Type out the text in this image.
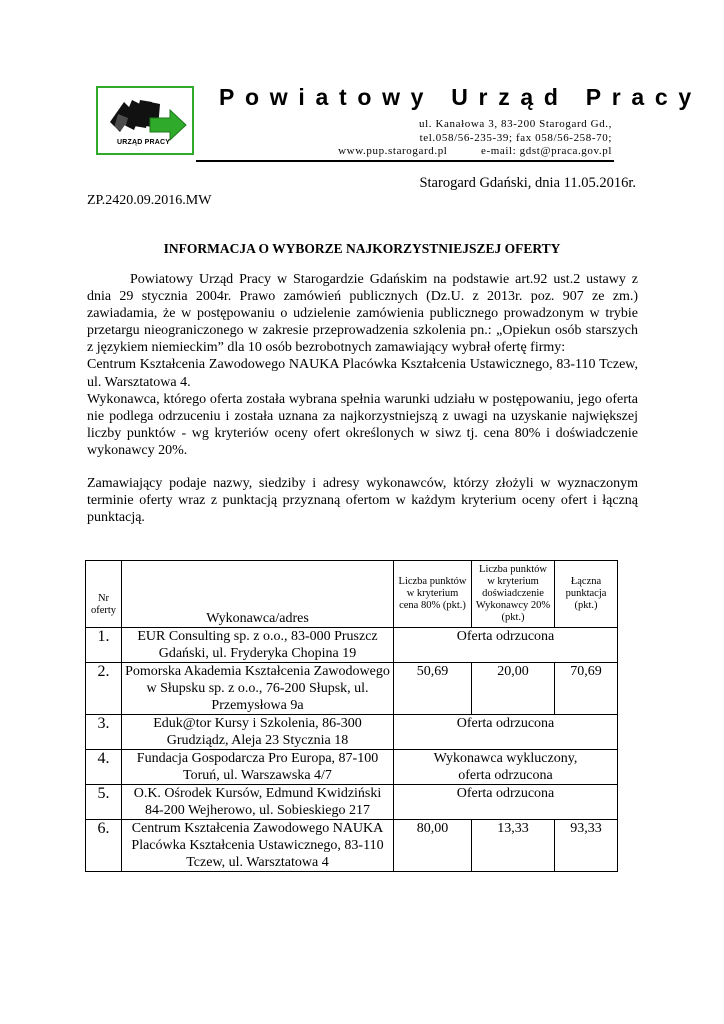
URZĄD PRACY
Powiatowy Urząd Pracy
ul. Kanałowa 3, 83-200 Starogard Gd.,
tel.058/56-235-39; fax 058/56-258-70;
www.pup.starogard.pl	e-mail: gdst@praca.gov.pl
Starogard Gdański, dnia 11.05.2016r.
ZP.2420.09.2016.MW
INFORMACJA O WYBORZE NAJKORZYSTNIEJSZEJ OFERTY

Powiatowy Urząd Pracy w Starogardzie Gdańskim na podstawie art.92 ust.2 ustawy z dnia 29 stycznia 2004r. Prawo zamówień publicznych (Dz.U. z 2013r. poz. 907 ze zm.) zawiadamia, że w postępowaniu o udzielenie zamówienia publicznego prowadzonym w trybie przetargu nieograniczonego w zakresie przeprowadzenia szkolenia pn.: „Opiekun osób starszych z językiem niemieckim” dla 10 osób bezrobotnych zamawiający wybrał ofertę firmy:

Centrum Kształcenia Zawodowego NAUKA Placówka Kształcenia Ustawicznego, 83-110 Tczew, ul. Warsztatowa 4.

Wykonawca, którego oferta została wybrana spełnia warunki udziału w postępowaniu, jego oferta nie podlega odrzuceniu i została uznana za najkorzystniejszą z uwagi na uzyskanie największej liczby punktów - wg kryteriów oceny ofert określonych w siwz tj. cena 80% i doświadczenie wykonawcy 20%.

Zamawiający podaje nazwy, siedziby i adresy wykonawców, którzy złożyli w wyznaczonym terminie oferty wraz z punktacją przyznaną ofertom w każdym kryterium oceny ofert i łączną punktacją.

Nr oferty	Wykonawca/adres	Liczba punktów w kryterium cena 80% (pkt.)	Liczba punktów w kryterium doświadczenie Wykonawcy 20% (pkt.)	Łączna punktacja (pkt.)
1.	EUR Consulting sp. z o.o., 83-000 Pruszcz Gdański, ul. Fryderyka Chopina 19	Oferta odrzucona		
2.	Pomorska Akademia Kształcenia Zawodowego w Słupsku sp. z o.o., 76-200 Słupsk, ul. Przemysłowa 9a	50,69	20,00	70,69
3.	Eduk@tor Kursy i Szkolenia, 86-300 Grudziądz, Aleja 23 Stycznia 18	Oferta odrzucona		
4.	Fundacja Gospodarcza Pro Europa, 87-100 Toruń, ul. Warszawska 4/7	Wykonawca wykluczony, oferta odrzucona		
5.	O.K. Ośrodek Kursów, Edmund Kwidziński 84-200 Wejherowo, ul. Sobieskiego 217	Oferta odrzucona		
6.	Centrum Kształcenia Zawodowego NAUKA Placówka Kształcenia Ustawicznego, 83-110 Tczew, ul. Warsztatowa 4	80,00	13,33	93,33
